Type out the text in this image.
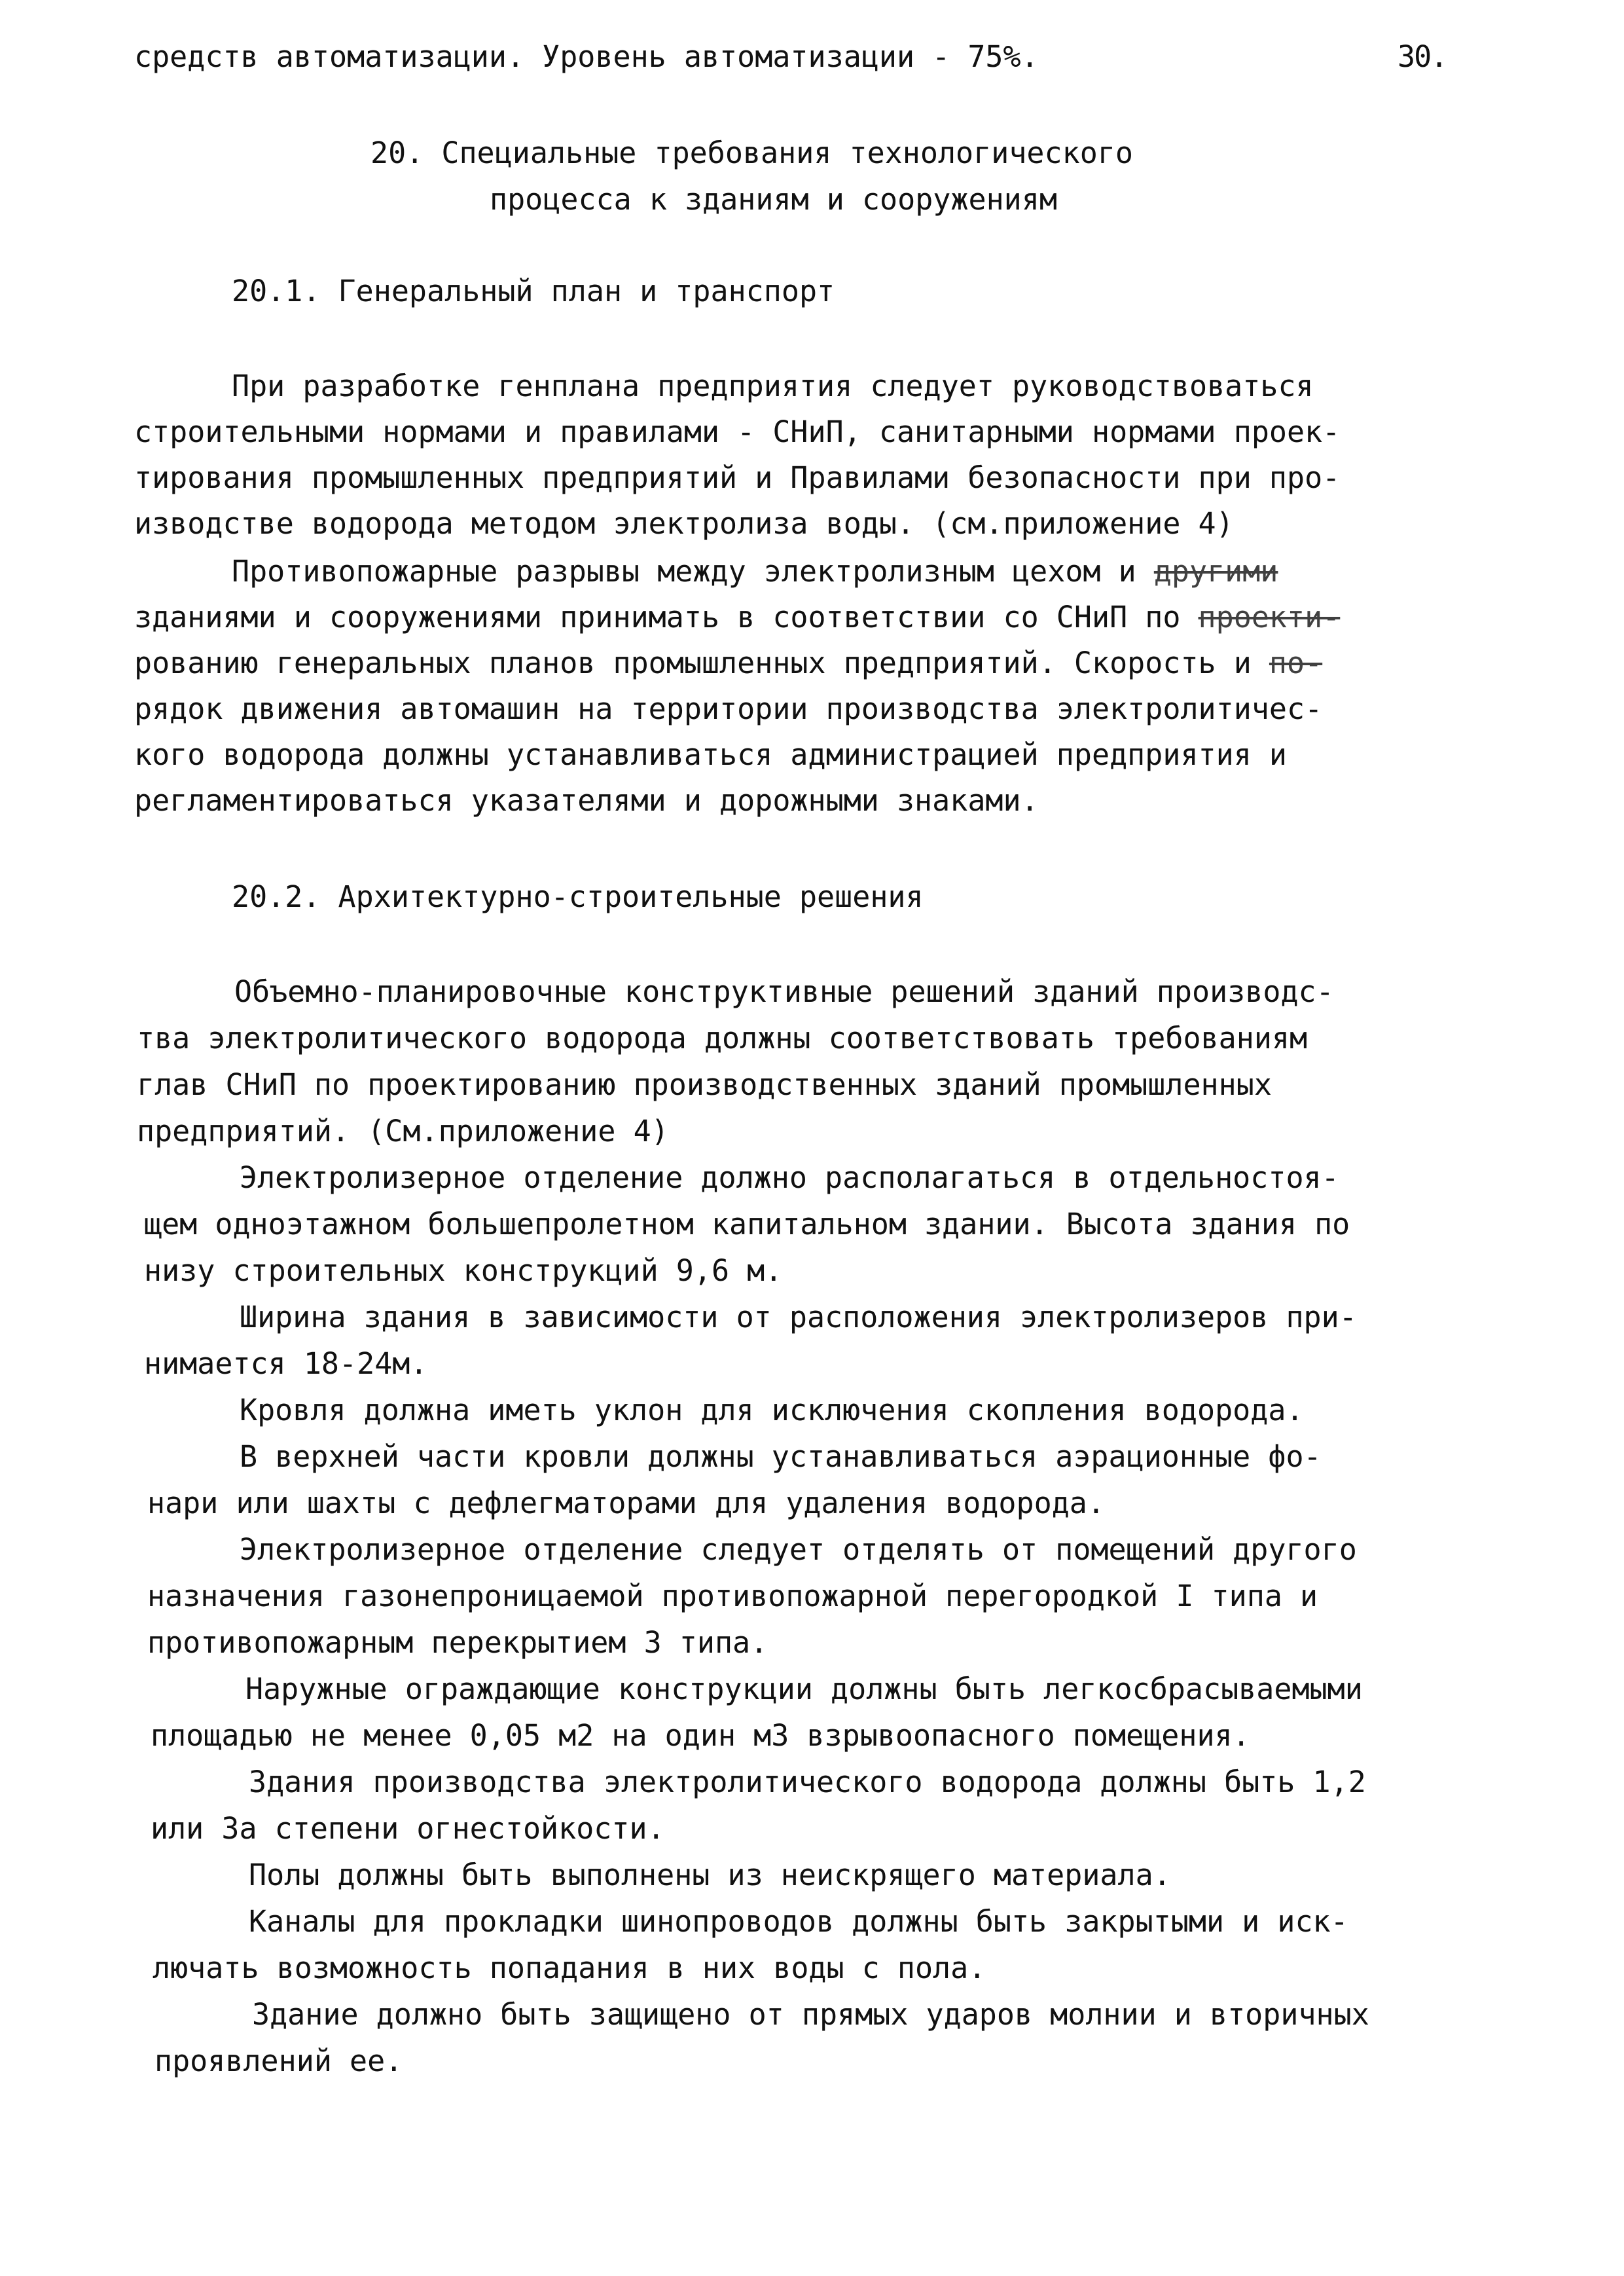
средств автоматизации. Уровень автоматизации - 75%.	30.
20. Специальные требования технологического
процесса к зданиям и сооружениям
20.1. Генеральный план и транспорт
При разработке генплана предприятия следует руководствоваться
строительными нормами и правилами - СНиП, санитарными нормами проек-
тирования промышленных предприятий и Правилами безопасности при про-
изводстве водорода методом электролиза воды. (см.приложение 4)
Противопожарные разрывы между электролизным цехом и другими
зданиями и сооружениями принимать в соответствии со СНиП по проекти-
рованию генеральных планов промышленных предприятий. Скорость и по-
рядок движения автомашин на территории производства электролитичес-
кого водорода должны устанавливаться администрацией предприятия и
регламентироваться указателями и дорожными знаками.
20.2. Архитектурно-строительные решения
Объемно-планировочные конструктивные решений зданий производс-
тва электролитического водорода должны соответствовать требованиям
глав СНиП по проектированию производственных зданий промышленных
предприятий. (См.приложение 4)
Электролизерное отделение должно располагаться в отдельностоя-
щем одноэтажном большепролетном капитальном здании. Высота здания по
низу строительных конструкций 9,6 м.
Ширина здания в зависимости от расположения электролизеров при-
нимается 18-24м.
Кровля должна иметь уклон для исключения скопления водорода.
В верхней части кровли должны устанавливаться аэрационные фо-
нари или шахты с дефлегматорами для удаления водорода.
Электролизерное отделение следует отделять от помещений другого
назначения газонепроницаемой противопожарной перегородкой I типа и
противопожарным перекрытием 3 типа.
Наружные ограждающие конструкции должны быть легкосбрасываемыми
площадью не менее 0,05 м2 на один м3 взрывоопасного помещения.
Здания производства электролитического водорода должны быть 1,2
или 3а степени огнестойкости.
Полы должны быть выполнены из неискрящего материала.
Каналы для прокладки шинопроводов должны быть закрытыми и иск-
лючать возможность попадания в них воды с пола.
Здание должно быть защищено от прямых ударов молнии и вторичных
проявлений ее.
